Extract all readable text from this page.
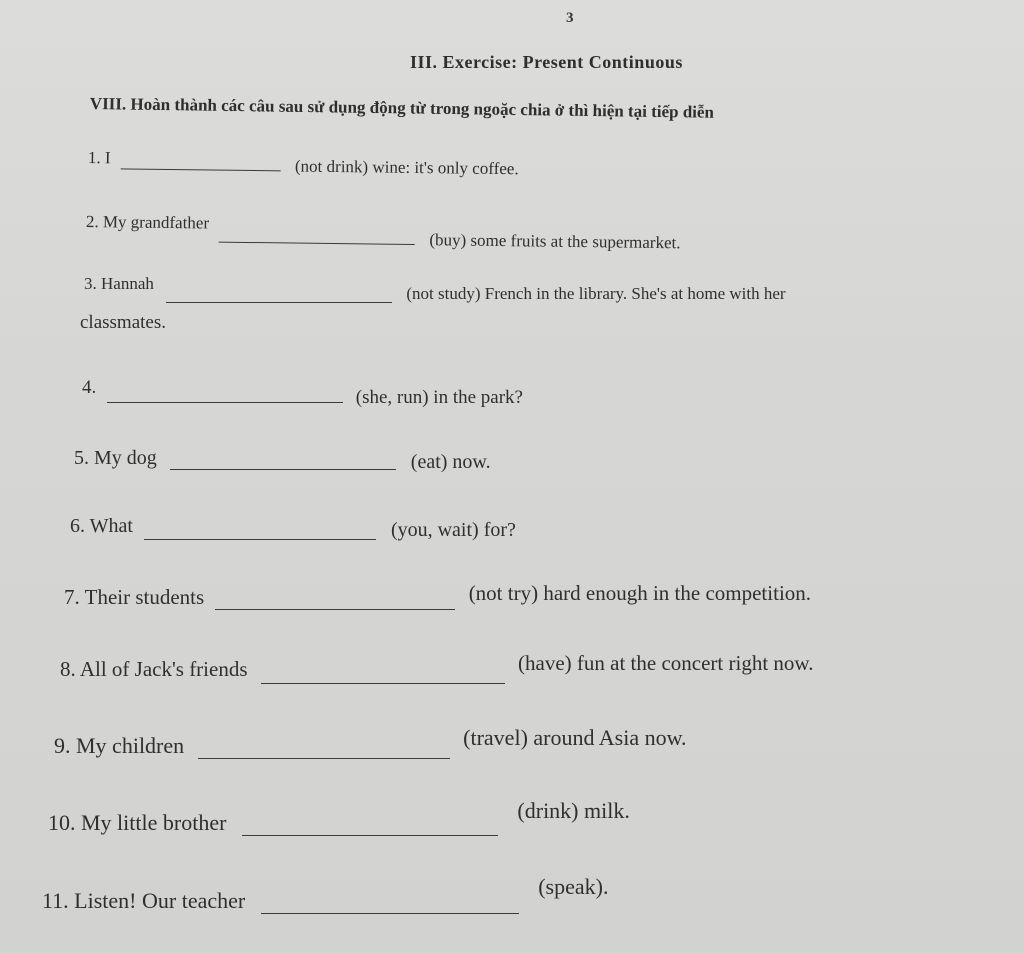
3
III. Exercise: Present Continuous
VIII. Hoàn thành các câu sau sử dụng động từ trong ngoặc chia ở thì hiện tại tiếp diễn
1. I	(not drink) wine: it's only coffee.
2. My grandfather  (buy) some fruits at the supermarket.
3. Hannah  (not study) French in the library. She's at home with her
classmates.
4.	(she, run) in the park?
5. My dog	(eat) now.
6. What	(you, wait) for?
7. Their students	(not try) hard enough in the competition.
8. All of Jack's friends	(have) fun at the concert right now.
9. My children	(travel) around Asia now.
10. My little brother	(drink) milk.
11. Listen! Our teacher  (speak).
